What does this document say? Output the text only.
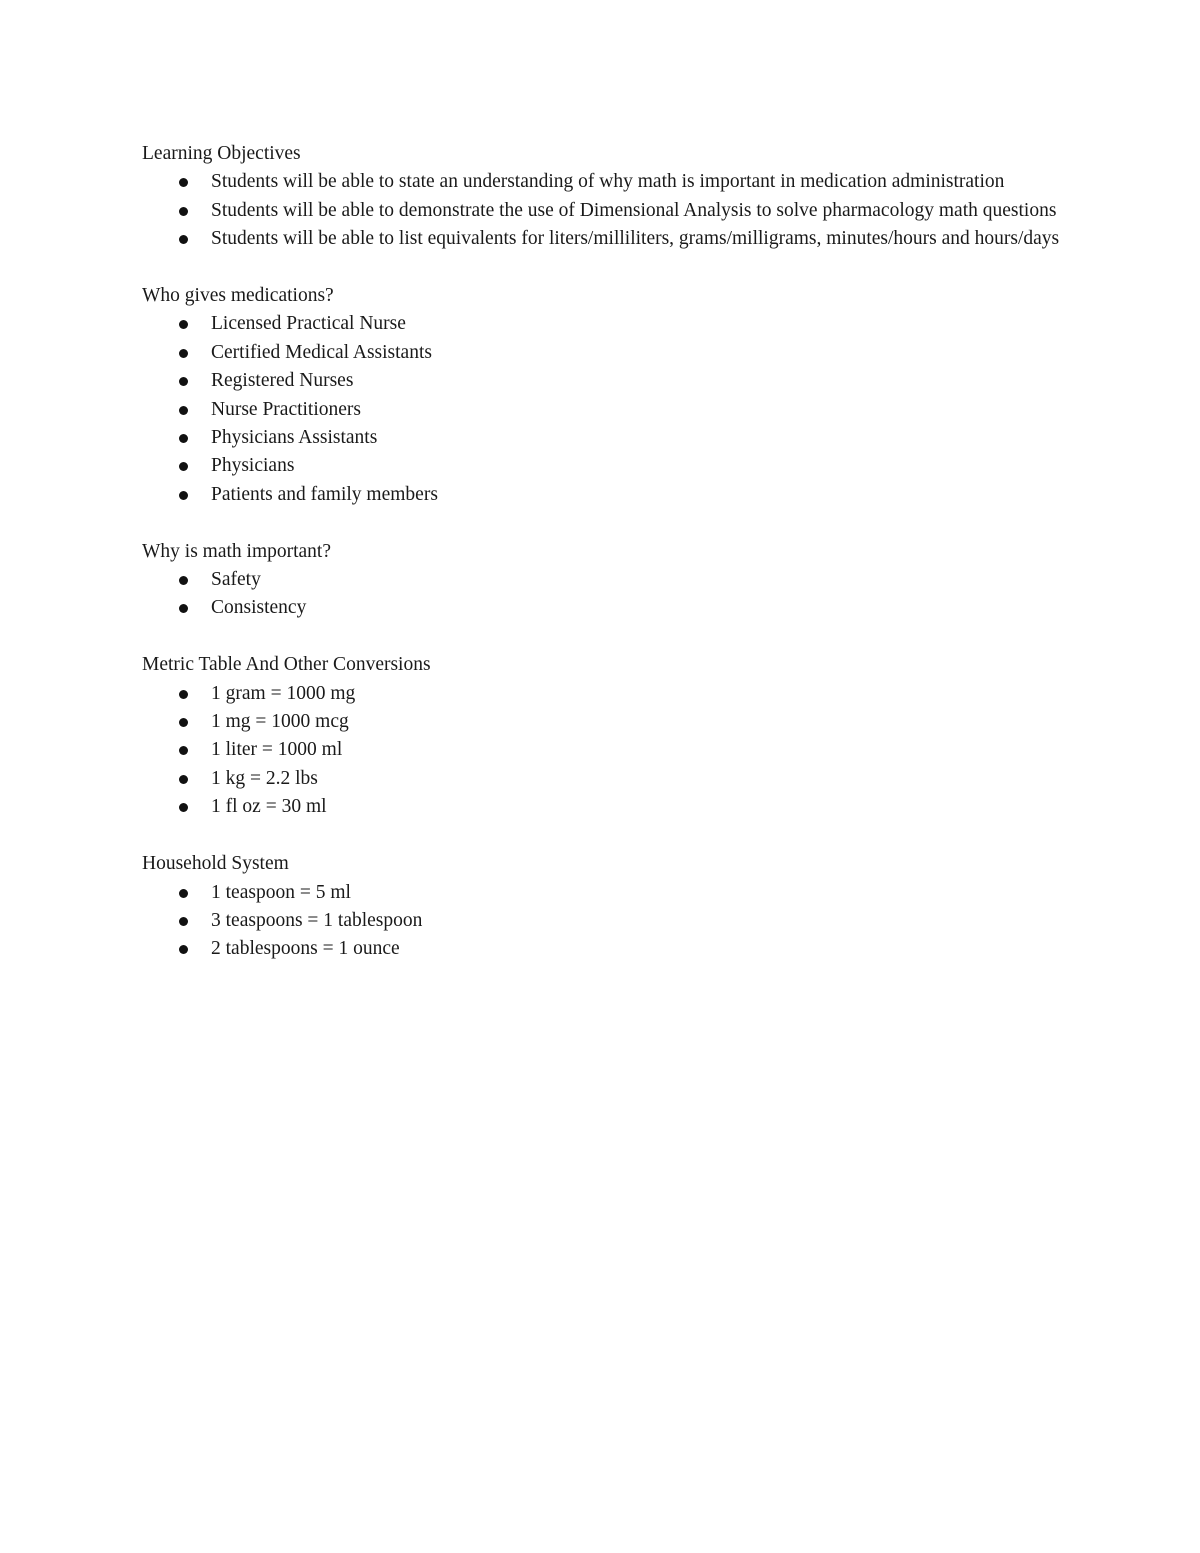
Learning Objectives

Students will be able to state an understanding of why math is important in medication administration
Students will be able to demonstrate the use of Dimensional Analysis to solve pharmacology math questions
Students will be able to list equivalents for liters/milliliters, grams/milligrams, minutes/hours and hours/days

Who gives medications?

Licensed Practical Nurse
Certified Medical Assistants
Registered Nurses
Nurse Practitioners
Physicians Assistants
Physicians
Patients and family members

Why is math important?

Safety
Consistency

Metric Table And Other Conversions

1 gram = 1000 mg
1 mg = 1000 mcg
1 liter = 1000 ml
1 kg = 2.2 lbs
1 fl oz = 30 ml

Household System

1 teaspoon = 5 ml
3 teaspoons = 1 tablespoon
2 tablespoons = 1 ounce
